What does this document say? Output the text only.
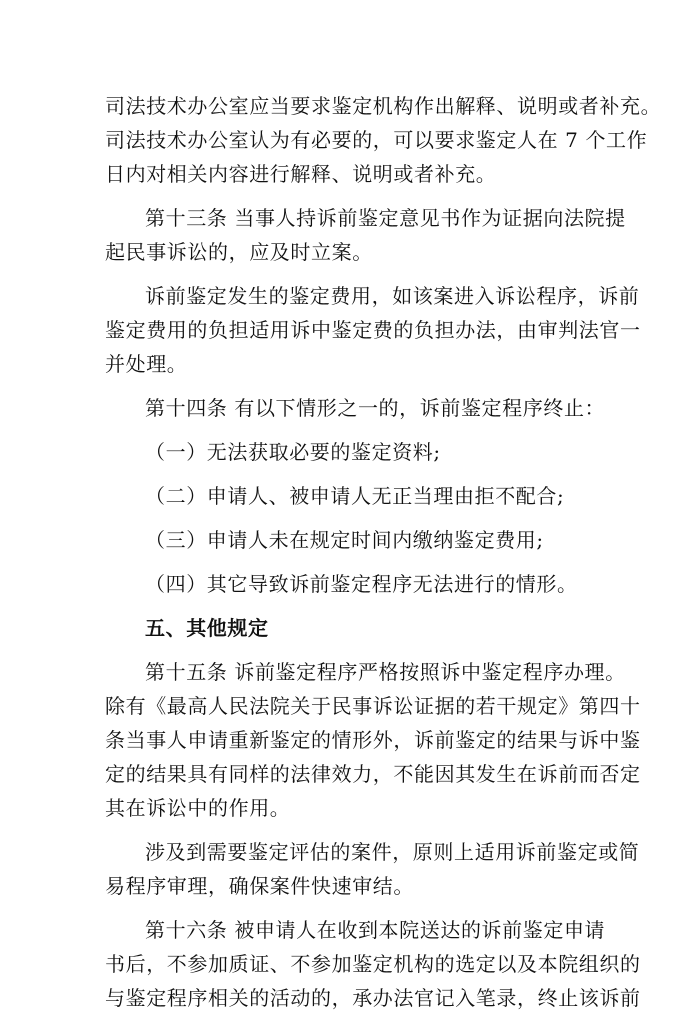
司法技术办公室应当要求鉴定机构作出解释、说明或者补充。
司法技术办公室认为有必要的，可以要求鉴定人在 7 个工作
日内对相关内容进行解释、说明或者补充。
第十三条 当事人持诉前鉴定意见书作为证据向法院提
起民事诉讼的，应及时立案。
诉前鉴定发生的鉴定费用，如该案进入诉讼程序，诉前
鉴定费用的负担适用诉中鉴定费的负担办法，由审判法官一
并处理。
第十四条 有以下情形之一的，诉前鉴定程序终止：
（一）无法获取必要的鉴定资料;
（二）申请人、被申请人无正当理由拒不配合;
（三）申请人未在规定时间内缴纳鉴定费用;
（四）其它导致诉前鉴定程序无法进行的情形。
五、其他规定
第十五条 诉前鉴定程序严格按照诉中鉴定程序办理。
除有《最高人民法院关于民事诉讼证据的若干规定》第四十
条当事人申请重新鉴定的情形外，诉前鉴定的结果与诉中鉴
定的结果具有同样的法律效力，不能因其发生在诉前而否定
其在诉讼中的作用。
涉及到需要鉴定评估的案件，原则上适用诉前鉴定或简
易程序审理，确保案件快速审结。
第十六条 被申请人在收到本院送达的诉前鉴定申请
书后，不参加质证、不参加鉴定机构的选定以及本院组织的
与鉴定程序相关的活动的，承办法官记入笔录，终止该诉前
